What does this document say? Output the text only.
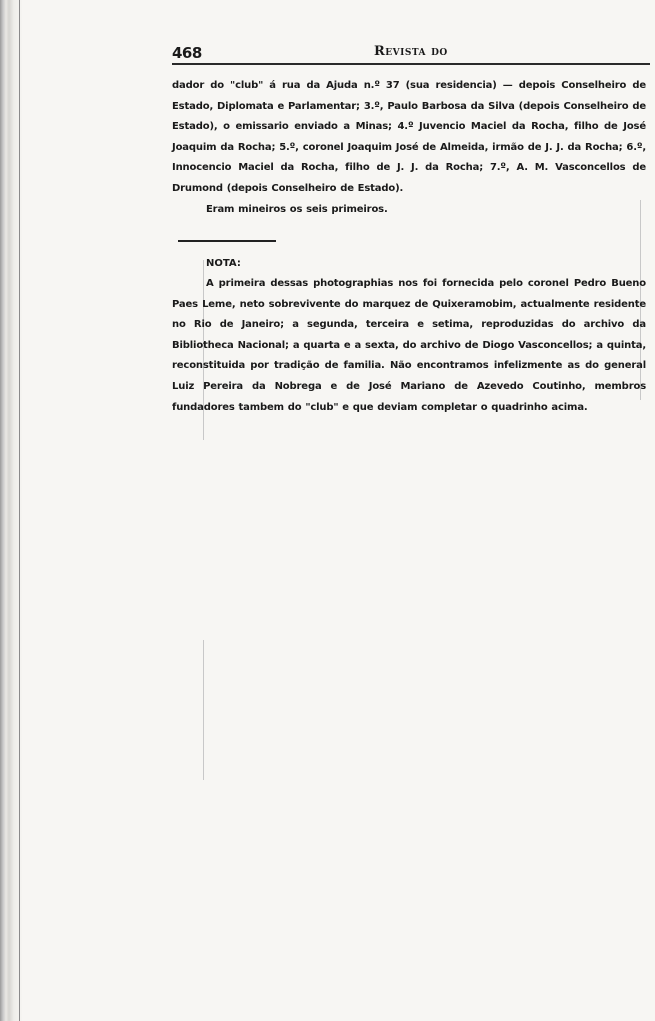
468	Revista do
dador do "club" á rua da Ajuda n.º 37 (sua residencia) — depois Conselheiro de Estado, Diplomata e Parlamentar; 3.º, Paulo Barbosa da Silva (depois Conselheiro de Estado), o emissario enviado a Minas; 4.º Juvencio Maciel da Rocha, filho de José Joaquim da Rocha; 5.º, coronel Joaquim José de Almeida, irmão de J. J. da Rocha; 6.º, Innocencio Maciel da Rocha, filho de J. J. da Rocha; 7.º, A. M. Vasconcellos de Drumond (depois Conselheiro de Estado).
Eram mineiros os seis primeiros.
NOTA:
A primeira dessas photographias nos foi fornecida pelo coronel Pedro Bueno Paes Leme, neto sobrevivente do marquez de Quixeramobim, actualmente residente no Rio de Janeiro; a segunda, terceira e setima, reproduzidas do archivo da Bibliotheca Nacional; a quarta e a sexta, do archivo de Diogo Vasconcellos; a quinta, reconstituida por tradição de familia. Não encontramos infelizmente as do general Luiz Pereira da Nobrega e de José Mariano de Azevedo Coutinho, membros fundadores tambem do "club" e que deviam completar o quadrinho acima.
